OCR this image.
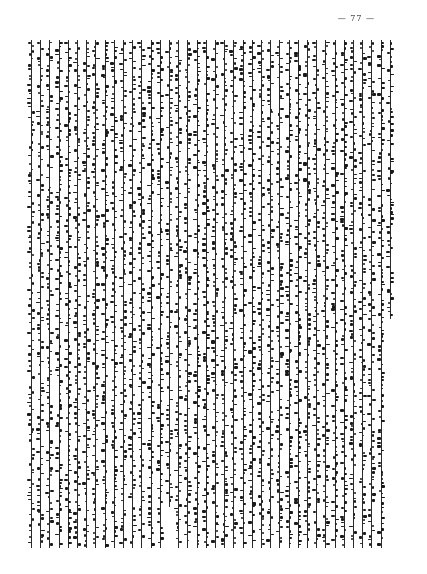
— 77 —
